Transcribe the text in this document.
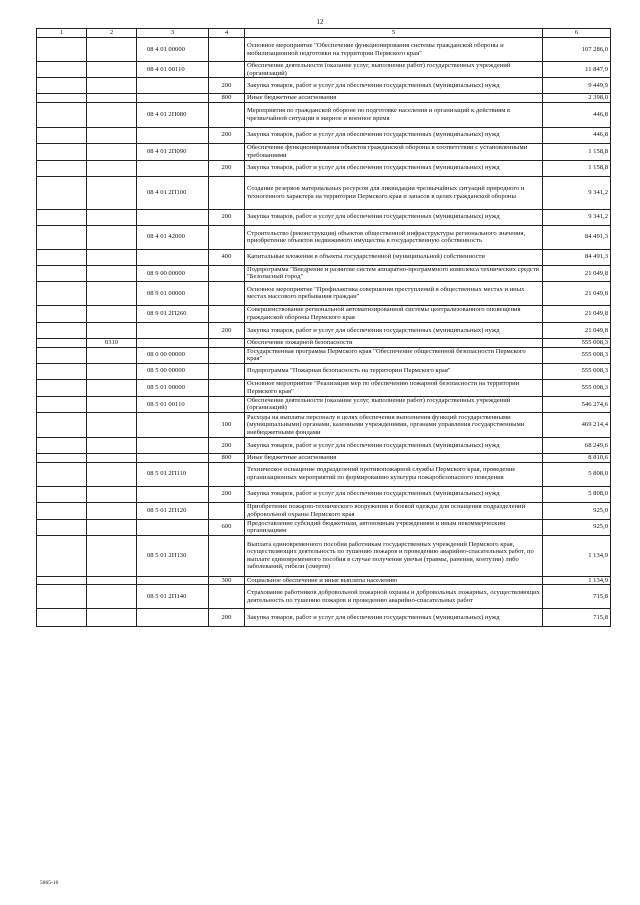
12
1	2	3	4	5	6
		08 4 01 00000		Основное мероприятие "Обеспечение функционирования системы гражданской обороны и мобилизационной подготовки на территории Пермского края"	107 286,0
		08 4 01 00110		Обеспечение деятельности (оказание услуг, выполнение работ) государственных учреждений (организаций)	11 847,9
			200	Закупка товаров, работ и услуг для обеспечения государственных (муниципальных) нужд	9 449,9
			800	Иные бюджетные ассигнования	2 398,0
		08 4 01 2П080		Мероприятия по гражданской обороне по подготовке населения и организаций к действиям в чрезвычайной ситуации в мирное и военное время	446,8
			200	Закупка товаров, работ и услуг для обеспечения государственных (муниципальных) нужд	446,8
		08 4 01 2П090		Обеспечение функционирования объектов гражданской обороны в соответствии с установленными требованиями	1 158,8
			200	Закупка товаров, работ и услуг для обеспечения государственных (муниципальных) нужд	1 158,8
		08 4 01 2П100		Создание резервов материальных ресурсов для ликвидации чрезвычайных ситуаций природного и техногенного характера на территории Пермского края и запасов в целях гражданской обороны	9 341,2
			200	Закупка товаров, работ и услуг для обеспечения государственных (муниципальных) нужд	9 341,2
		08 4 01 42000		Строительство (реконструкция) объектов общественной инфраструктуры регионального значения, приобретение объектов недвижимого имущества в государственную собственность	84 491,3
			400	Капитальные вложения в объекты государственной (муниципальной) собственности	84 491,3
		08 9 00 00000		Подпрограмма "Внедрение и развитие систем аппаратно-программного комплекса технических средств "Безопасный город"	21 049,8
		08 9 01 00000		Основное мероприятие "Профилактика совершения преступлений в общественных местах и иных местах массового пребывания граждан"	21 049,8
		08 9 01 2П260		Совершенствование региональной автоматизированной системы централизованного оповещения гражданской обороны Пермского края	21 049,8
			200	Закупка товаров, работ и услуг для обеспечения государственных (муниципальных) нужд	21 049,8
	0310			Обеспечение пожарной безопасности	555 008,3
		08 0 00 00000		Государственная программа Пермского края "Обеспечение общественной безопасности Пермского края"	555 008,3
		08 5 00 00000		Подпрограмма "Пожарная безопасность на территории Пермского края"	555 008,3
		08 5 01 00000		Основное мероприятие "Реализация мер по обеспечению пожарной безопасности на территории Пермского края"	555 008,3
		08 5 01 00110		Обеспечение деятельности (оказание услуг, выполнение работ) государственных учреждений (организаций)	546 274,6
			100	Расходы на выплаты персоналу в целях обеспечения выполнения функций государственными (муниципальными) органами, казенными учреждениями, органами управления государственными внебюджетными фондами	469 214,4
			200	Закупка товаров, работ и услуг для обеспечения государственных (муниципальных) нужд	68 249,6
			800	Иные бюджетные ассигнования	8 810,6
		08 5 01 2П110		Техническое оснащение подразделений противопожарной службы Пермского края, проведение организационных мероприятий по формированию культуры пожаробезопасного поведения	5 808,0
			200	Закупка товаров, работ и услуг для обеспечения государственных (муниципальных) нужд	5 808,0
		08 5 01 2П120		Приобретение пожарно-технического вооружения и боевой одежды для оснащения подразделений добровольной охраны Пермского края	925,0
			600	Предоставление субсидий бюджетным, автономным учреждениям и иным некоммерческим организациям	925,0
		08 5 01 2П130		Выплата единовременного пособия работникам государственных учреждений Пермского края, осуществляющих деятельность по тушению пожаров и проведению аварийно-спасательных работ, по выплате единовременного пособия в случае получения увечья (травмы, ранения, контузии) либо заболеваний, гибели (смерти)	1 134,9
			300	Социальное обеспечение и иные выплаты населению	1 134,9
		08 5 01 2П140		Страхование работников добровольной пожарной охраны и добровольных пожарных, осуществляющих деятельность по тушению пожаров и проведению аварийно-спасательных работ	715,8
			200	Закупка товаров, работ и услуг для обеспечения государственных (муниципальных) нужд	715,8
5865-16
